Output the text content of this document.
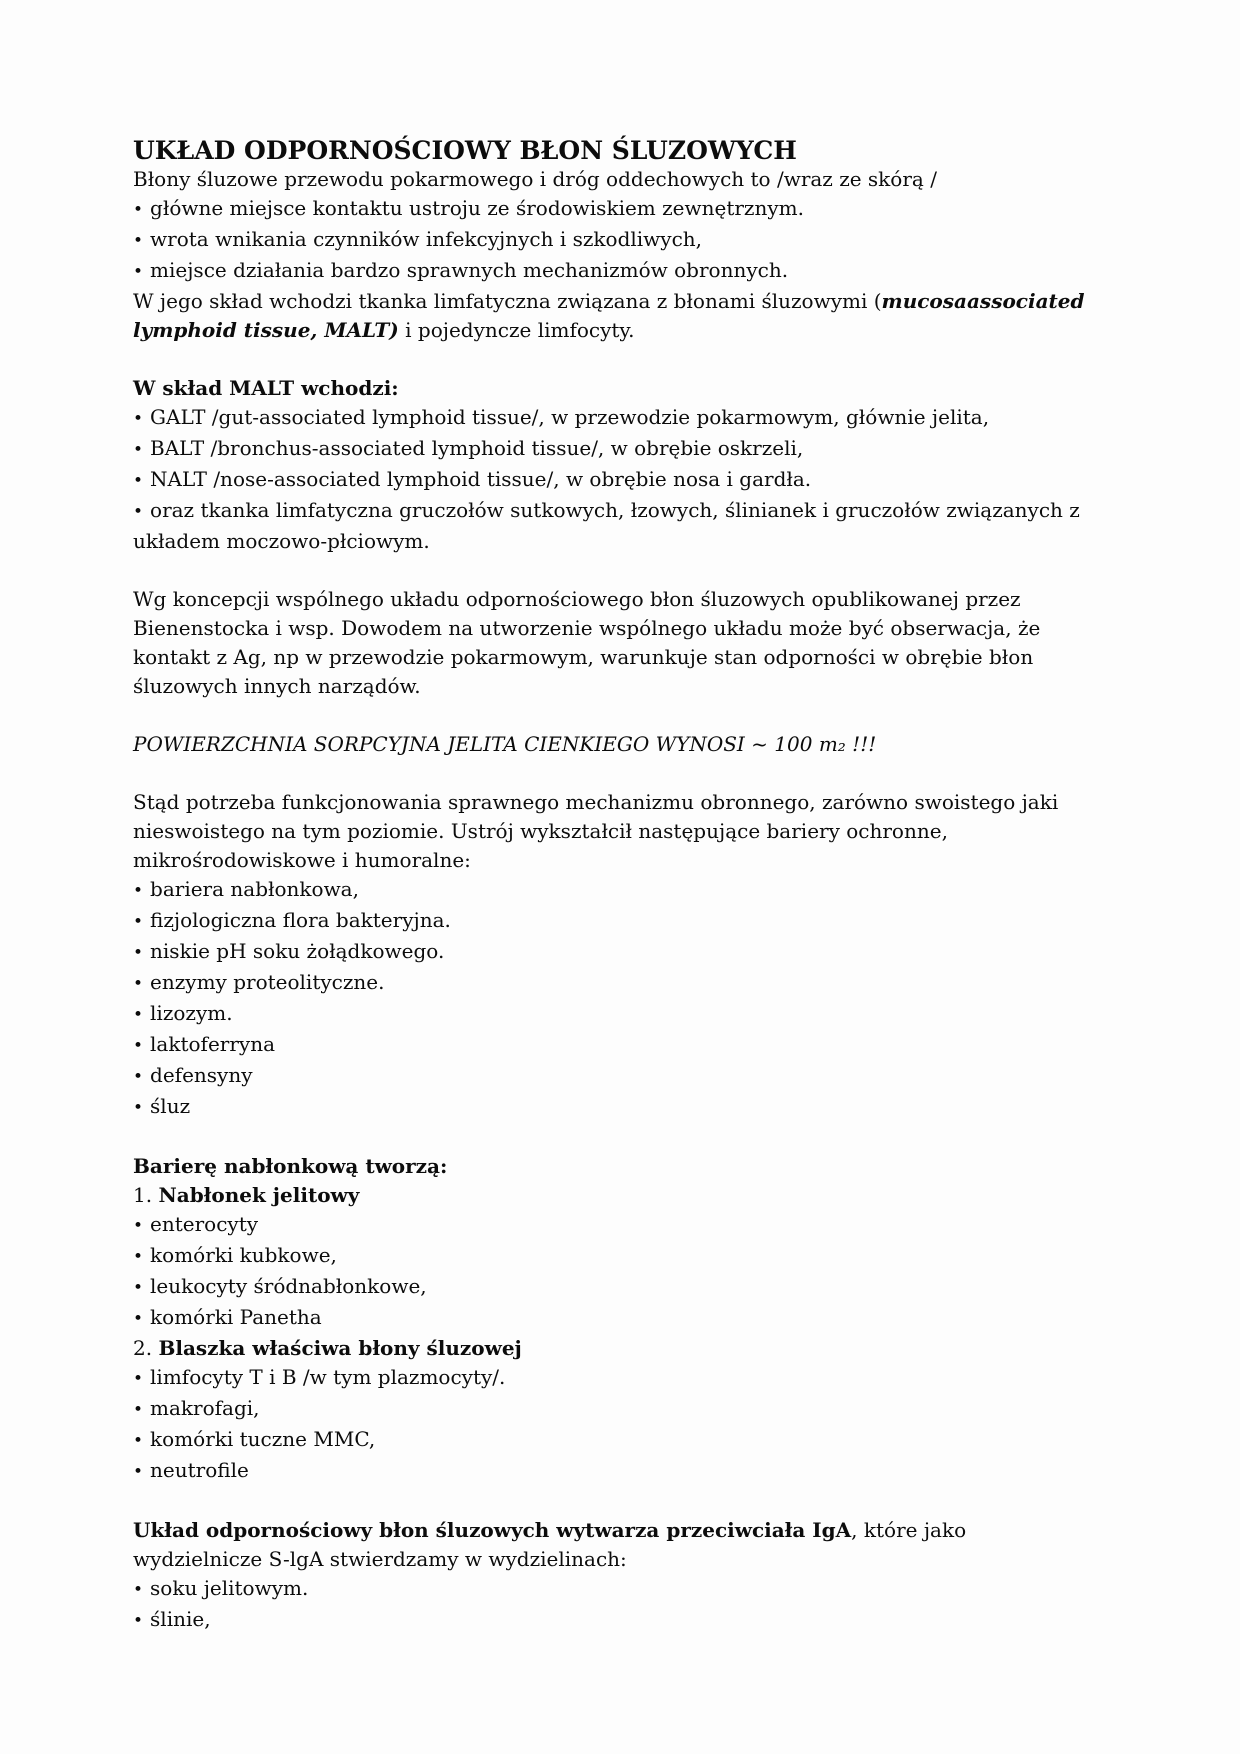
UKŁAD ODPORNOŚCIOWY BŁON ŚLUZOWYCH
Błony śluzowe przewodu pokarmowego i dróg oddechowych to /wraz ze skórą /
• główne miejsce kontaktu ustroju ze środowiskiem zewnętrznym.
• wrota wnikania czynników infekcyjnych i szkodliwych,
• miejsce działania bardzo sprawnych mechanizmów obronnych.
W jego skład wchodzi tkanka limfatyczna związana z błonami śluzowymi (mucosaassociated
lymphoid tissue, MALT) i pojedyncze limfocyty.

W skład MALT wchodzi:
• GALT /gut-associated lymphoid tissue/, w przewodzie pokarmowym, głównie jelita,
• BALT /bronchus-associated lymphoid tissue/, w obrębie oskrzeli,
• NALT /nose-associated lymphoid tissue/, w obrębie nosa i gardła.
• oraz tkanka limfatyczna gruczołów sutkowych, łzowych, ślinianek i gruczołów związanych z
układem moczowo-płciowym.

Wg koncepcji wspólnego układu odpornościowego błon śluzowych opublikowanej przez
Bienenstocka i wsp. Dowodem na utworzenie wspólnego układu może być obserwacja, że
kontakt z Ag, np w przewodzie pokarmowym, warunkuje stan odporności w obrębie błon
śluzowych innych narządów.

POWIERZCHNIA SORPCYJNA JELITA CIENKIEGO WYNOSI ~ 100 m₂ !!!

Stąd potrzeba funkcjonowania sprawnego mechanizmu obronnego, zarówno swoistego jaki
nieswoistego na tym poziomie. Ustrój wykształcił następujące bariery ochronne,
mikrośrodowiskowe i humoralne:
• bariera nabłonkowa,
• fizjologiczna flora bakteryjna.
• niskie pH soku żołądkowego.
• enzymy proteolityczne.
• lizozym.
• laktoferryna
• defensyny
• śluz

Barierę nabłonkową tworzą:
1. Nabłonek jelitowy
• enterocyty
• komórki kubkowe,
• leukocyty śródnabłonkowe,
• komórki Panetha
2. Blaszka właściwa błony śluzowej
• limfocyty T i B /w tym plazmocyty/.
• makrofagi,
• komórki tuczne MMC,
• neutrofile

Układ odpornościowy błon śluzowych wytwarza przeciwciała IgA, które jako
wydzielnicze S-lgA stwierdzamy w wydzielinach:
• soku jelitowym.
• ślinie,
